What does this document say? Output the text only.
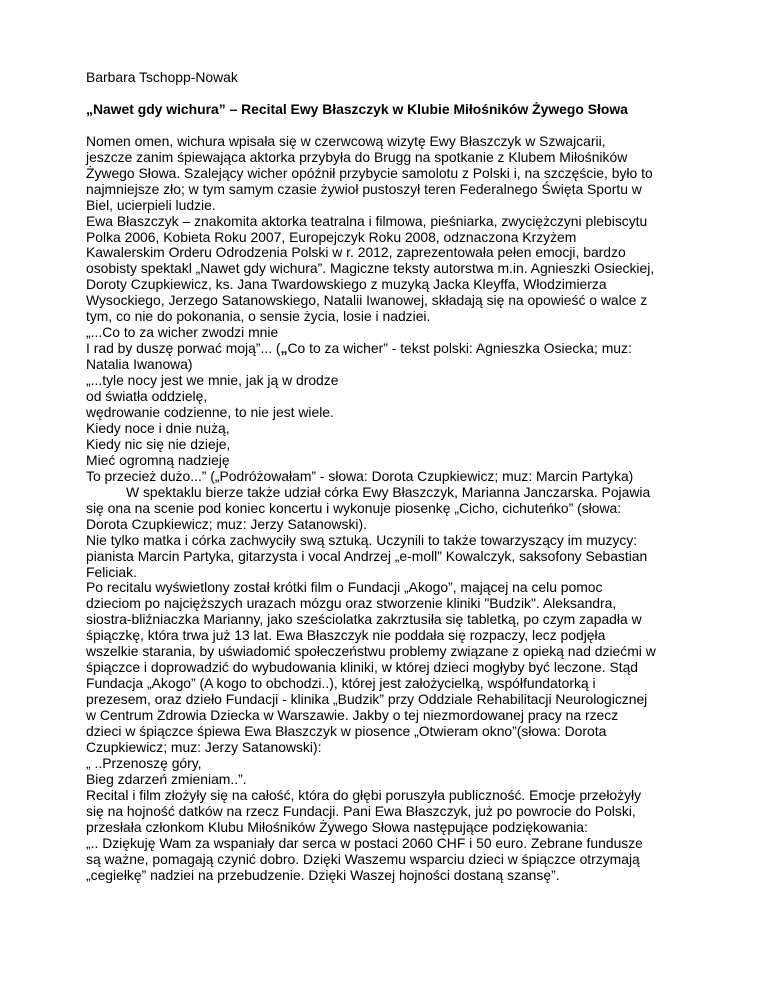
Barbara Tschopp-Nowak
„Nawet gdy wichura” – Recital Ewy Błaszczyk w Klubie Miłośników Żywego Słowa
Nomen omen, wichura wpisała się w czerwcową wizytę Ewy Błaszczyk w Szwajcarii,
jeszcze zanim śpiewająca aktorka przybyła do Brugg na spotkanie z Klubem Miłośników
Żywego Słowa. Szalejący wicher opóźnił przybycie samolotu z Polski i, na szczęście, było to
najmniejsze zło; w tym samym czasie żywioł pustoszył teren Federalnego Święta Sportu w
Biel, ucierpieli ludzie.
Ewa Błaszczyk – znakomita aktorka teatralna i filmowa, pieśniarka, zwyciężczyni plebiscytu
Polka 2006, Kobieta Roku 2007, Europejczyk Roku 2008, odznaczona Krzyżem
Kawalerskim Orderu Odrodzenia Polski w r. 2012, zaprezentowała pełen emocji, bardzo
osobisty spektakl „Nawet gdy wichura”. Magiczne teksty autorstwa m.in. Agnieszki Osieckiej,
Doroty Czupkiewicz, ks. Jana Twardowskiego z muzyką Jacka Kleyffa, Włodzimierza
Wysockiego, Jerzego Satanowskiego, Natalii Iwanowej, składają się na opowieść o walce z
tym, co nie do pokonania, o sensie życia, losie i nadziei.
„...Co to za wicher zwodzi mnie
I rad by duszę porwać moją”... („Co to za wicher” - tekst polski: Agnieszka Osiecka; muz:
Natalia Iwanowa)
„...tyle nocy jest we mnie, jak ją w drodze
od światła oddzielę,
wędrowanie codzienne, to nie jest wiele.
Kiedy noce i dnie nużą,
Kiedy nic się nie dzieje,
Mieć ogromną nadzieję
To przecież dużo...” („Podróżowałam” - słowa: Dorota Czupkiewicz; muz: Marcin Partyka)
W spektaklu bierze także udział córka Ewy Błaszczyk, Marianna Janczarska. Pojawia
się ona na scenie pod koniec koncertu i wykonuje piosenkę „Cicho, cichuteńko” (słowa:
Dorota Czupkiewicz; muz: Jerzy Satanowski).
Nie tylko matka i córka zachwyciły swą sztuką. Uczynili to także towarzyszący im muzycy:
pianista Marcin Partyka, gitarzysta i vocal Andrzej „e-moll” Kowalczyk, saksofony Sebastian
Feliciak.
Po recitalu wyświetlony został krótki film o Fundacji „Akogo”, mającej na celu pomoc
dzieciom po najcięższych urazach mózgu oraz stworzenie kliniki "Budzik". Aleksandra,
siostra-bliźniaczka Marianny, jako sześciolatka zakrztusiła się tabletką, po czym zapadła w
śpiączkę, która trwa już 13 lat. Ewa Błaszczyk nie poddała się rozpaczy, lecz podjęła
wszelkie starania, by uświadomić społeczeństwu problemy związane z opieką nad dziećmi w
śpiączce i doprowadzić do wybudowania kliniki, w której dzieci mogłyby być leczone. Stąd
Fundacja „Akogo” (A kogo to obchodzi..), której jest założycielką, współfundatorką i
prezesem, oraz dzieło Fundacji - klinika „Budzik” przy Oddziale Rehabilitacji Neurologicznej
w Centrum Zdrowia Dziecka w Warszawie. Jakby o tej niezmordowanej pracy na rzecz
dzieci w śpiączce śpiewa Ewa Błaszczyk w piosence „Otwieram okno”(słowa: Dorota
Czupkiewicz; muz: Jerzy Satanowski):
„ ..Przenoszę góry,
Bieg zdarzeń zmieniam..”.
Recital i film złożyły się na całość, która do głębi poruszyła publiczność. Emocje przełożyły
się na hojność datków na rzecz Fundacji. Pani Ewa Błaszczyk, już po powrocie do Polski,
przesłała członkom Klubu Miłośników Żywego Słowa następujące podziękowania:
„.. Dziękuję Wam za wspaniały dar serca w postaci 2060 CHF i 50 euro. Zebrane fundusze
są ważne, pomagają czynić dobro. Dzięki Waszemu wsparciu dzieci w śpiączce otrzymają
„cegiełkę” nadziei na przebudzenie. Dzięki Waszej hojności dostaną szansę”.
